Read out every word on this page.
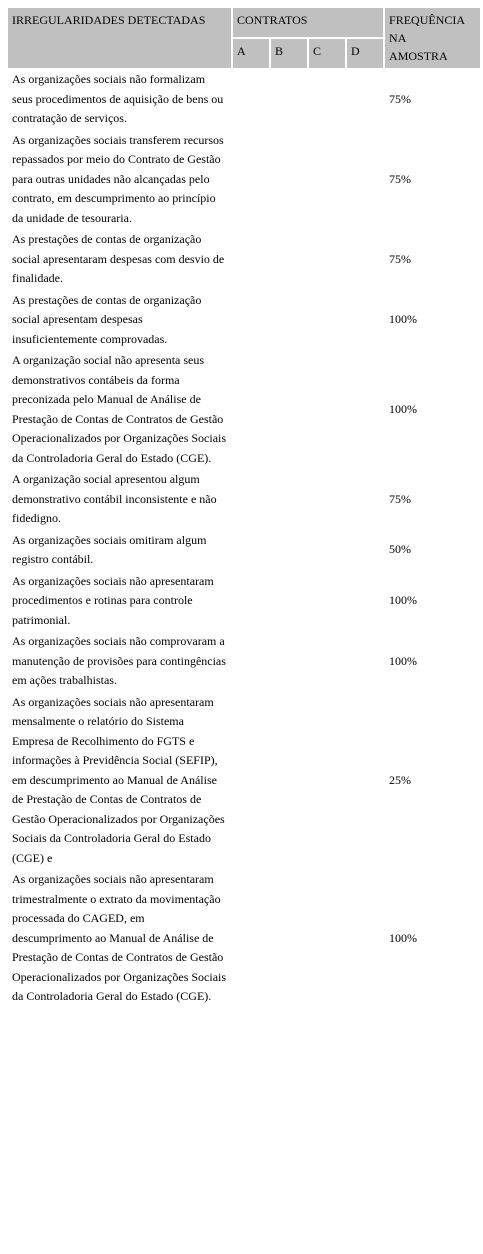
IRREGULARIDADES DETECTADAS	CONTRATOS				FREQUÊNCIA
NA
AMOSTRA
	A	B	C	D	
As organizações sociais não formalizam seus procedimentos de aquisição de bens ou contratação de serviços.					75%
As organizações sociais transferem recursos repassados por meio do Contrato de Gestão para outras unidades não alcançadas pelo contrato, em descumprimento ao princípio da unidade de tesouraria.					75%
As prestações de contas de organização social apresentaram despesas com desvio de finalidade.					75%
As prestações de contas de organização social apresentam despesas insuficientemente comprovadas.					100%
A organização social não apresenta seus demonstrativos contábeis da forma preconizada pelo Manual de Análise de Prestação de Contas de Contratos de Gestão Operacionalizados por Organizações Sociais da Controladoria Geral do Estado (CGE).					100%
A organização social apresentou algum demonstrativo contábil inconsistente e não fidedigno.					75%
As organizações sociais omitiram algum registro contábil.					50%
As organizações sociais não apresentaram procedimentos e rotinas para controle patrimonial.					100%
As organizações sociais não comprovaram a manutenção de provisões para contingências em ações trabalhistas.					100%
As organizações sociais não apresentaram mensalmente o relatório do Sistema Empresa de Recolhimento do FGTS e informações à Previdência Social (SEFIP), em descumprimento ao Manual de Análise de Prestação de Contas de Contratos de Gestão Operacionalizados por Organizações Sociais da Controladoria Geral do Estado (CGE) e					25%
As organizações sociais não apresentaram trimestralmente o extrato da movimentação processada do CAGED, em descumprimento ao Manual de Análise de Prestação de Contas de Contratos de Gestão Operacionalizados por Organizações Sociais da Controladoria Geral do Estado (CGE).					100%
